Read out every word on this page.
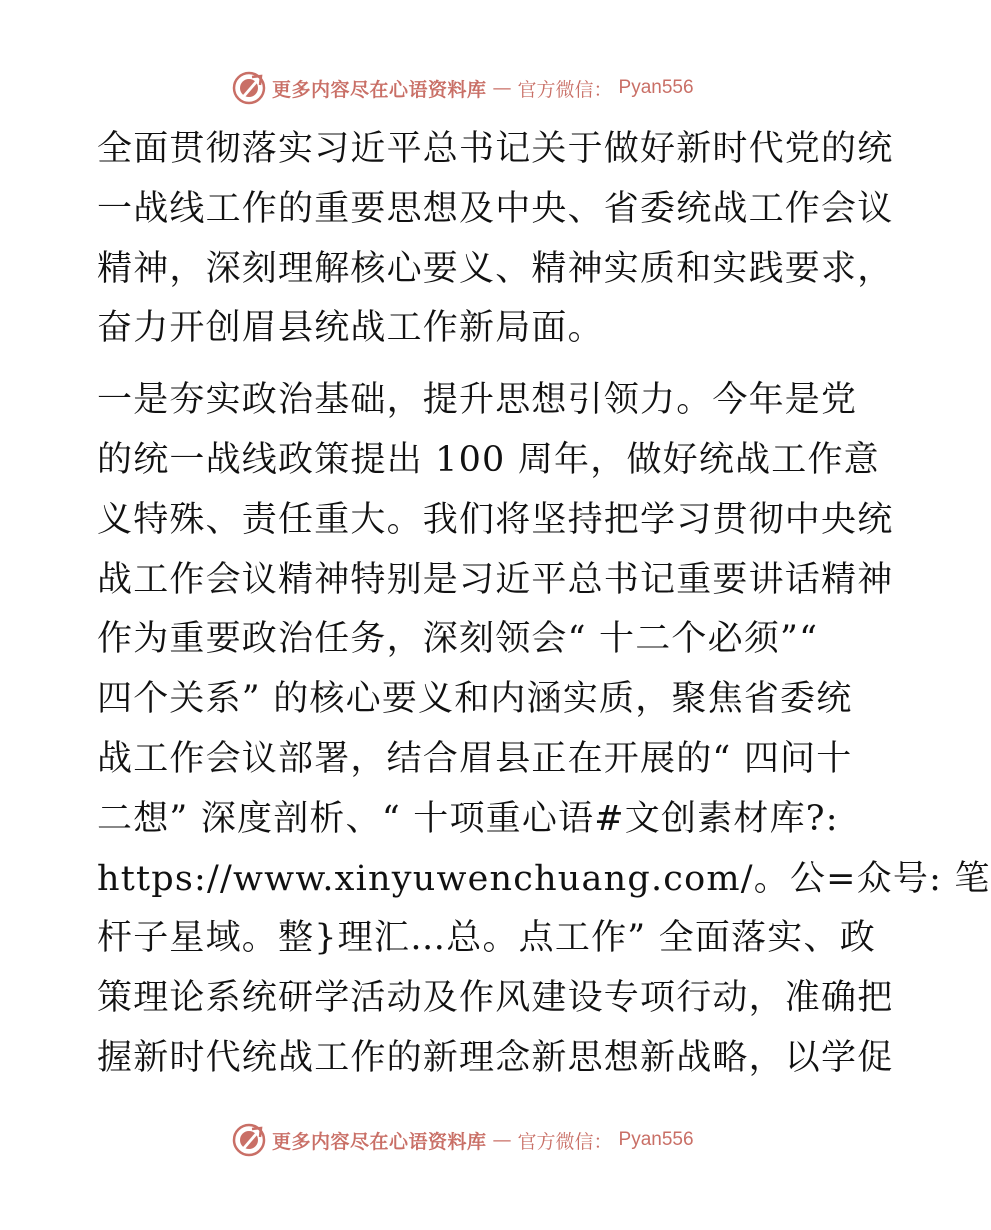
更多内容尽在心语资料库 — 官方微信： Pyan556
全面贯彻落实习近平总书记关于做好新时代党的统
一战线工作的重要思想及中央、省委统战工作会议
精神，深刻理解核心要义、精神实质和实践要求，
奋力开创眉县统战工作新局面。
一是夯实政治基础，提升思想引领力。今年是党
的统一战线政策提出 100 周年，做好统战工作意
义特殊、责任重大。我们将坚持把学习贯彻中央统
战工作会议精神特别是习近平总书记重要讲话精神
作为重要政治任务，深刻领会“ 十二个必须”“
四个关系” 的核心要义和内涵实质，聚焦省委统
战工作会议部署，结合眉县正在开展的“ 四问十
二想” 深度剖析、“ 十项重心语#文创素材库?:
https://www.xinyuwenchuang.com/。公=众号: 笔
杆子星域。整}理汇…总。点工作” 全面落实、政
策理论系统研学活动及作风建设专项行动，准确把
握新时代统战工作的新理念新思想新战略，以学促
更多内容尽在心语资料库 — 官方微信： Pyan556
